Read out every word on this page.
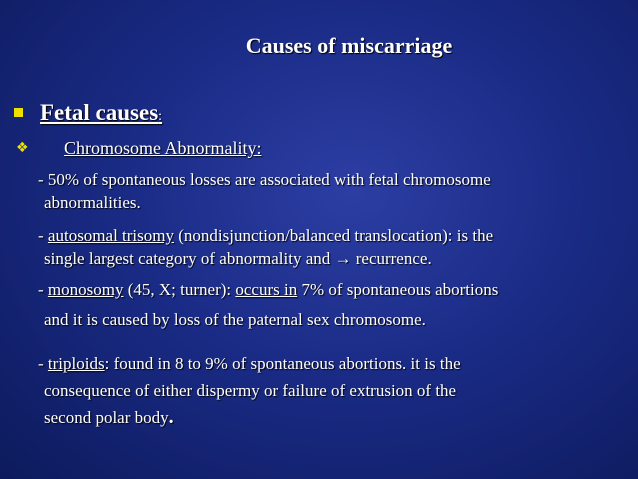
Causes of miscarriage
Fetal causes:
❖ Chromosome Abnormality:
- 50% of spontaneous losses are associated with fetal chromosome
abnormalities.
- autosomal trisomy (nondisjunction/balanced translocation): is the
single largest category of abnormality and → recurrence.
- monosomy (45, X; turner): occurs in 7% of spontaneous abortions
and it is caused by loss of the paternal sex chromosome.
- triploids: found in 8 to 9% of spontaneous abortions. it is the
consequence of either dispermy or failure of extrusion of the
second polar body.
